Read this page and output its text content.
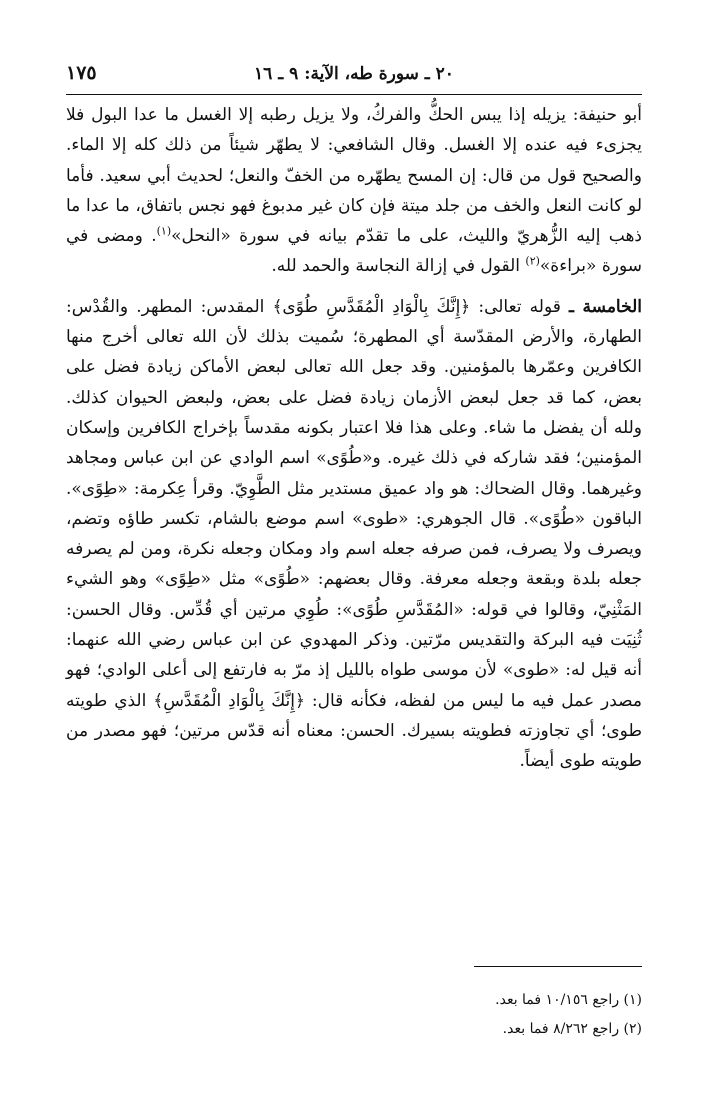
٢٠ ـ سورة طه، الآية: ٩ ـ ١٦
١٧٥

أبو حنيفة: يزيله إذا يبس الحكُّ والفركُ، ولا يزيل رطبه إلا الغسل ما عدا البول فلا يجزىء فيه عنده إلا الغسل. وقال الشافعي: لا يطهّر شيئاً من ذلك كله إلا الماء. والصحيح قول من قال: إن المسح يطهّره من الخفّ والنعل؛ لحديث أبي سعيد. فأما لو كانت النعل والخف من جلد ميتة فإن كان غير مدبوغ فهو نجس باتفاق، ما عدا ما ذهب إليه الزُّهريّ والليث، على ما تقدّم بيانه في سورة «النحل»$^{(١)}$. ومضى في سورة «براءة»$^{(٢)}$ القول في إزالة النجاسة والحمد لله.

الخامسة ـ قوله تعالى: ﴿إِنَّكَ بِالْوَادِ الْمُقَدَّسِ طُوًى﴾ المقدس: المطهر. والقُدْس: الطهارة، والأرض المقدّسة أي المطهرة؛ سُميت بذلك لأن الله تعالى أخرج منها الكافرين وعمّرها بالمؤمنين. وقد جعل الله تعالى لبعض الأماكن زيادة فضل على بعض، كما قد جعل لبعض الأزمان زيادة فضل على بعض، ولبعض الحيوان كذلك. ولله أن يفضل ما شاء. وعلى هذا فلا اعتبار بكونه مقدساً بإخراج الكافرين وإسكان المؤمنين؛ فقد شاركه في ذلك غيره. و«طُوًى» اسم الوادي عن ابن عباس ومجاهد وغيرهما. وقال الضحاك: هو واد عميق مستدير مثل الطَّوِيّ. وقرأ عِكرمة: «طِوًى». الباقون «طُوًى». قال الجوهري: «طوى» اسم موضع بالشام، تكسر طاؤه وتضم، ويصرف ولا يصرف، فمن صرفه جعله اسم واد ومكان وجعله نكرة، ومن لم يصرفه جعله بلدة وبقعة وجعله معرفة. وقال بعضهم: «طُوًى» مثل «طِوًى» وهو الشيء المَثْنِيّ، وقالوا في قوله: «المُقَدَّسِ طُوًى»: طُوِي مرتين أي قُدِّس. وقال الحسن: ثُنِيَت فيه البركة والتقديس مرّتين. وذكر المهدوي عن ابن عباس رضي الله عنهما: أنه قيل له: «طوى» لأن موسى طواه بالليل إذ مرّ به فارتفع إلى أعلى الوادي؛ فهو مصدر عمل فيه ما ليس من لفظه، فكأنه قال: ﴿إِنَّكَ بِالْوَادِ الْمُقَدَّسِ﴾ الذي طويته طوى؛ أي تجاوزته فطويته بسيرك. الحسن: معناه أنه قدّس مرتين؛ فهو مصدر من طويته طوى أيضاً.

(١) راجع ١٠/١٥٦ فما بعد.
(٢) راجع ٨/٢٦٢ فما بعد.
